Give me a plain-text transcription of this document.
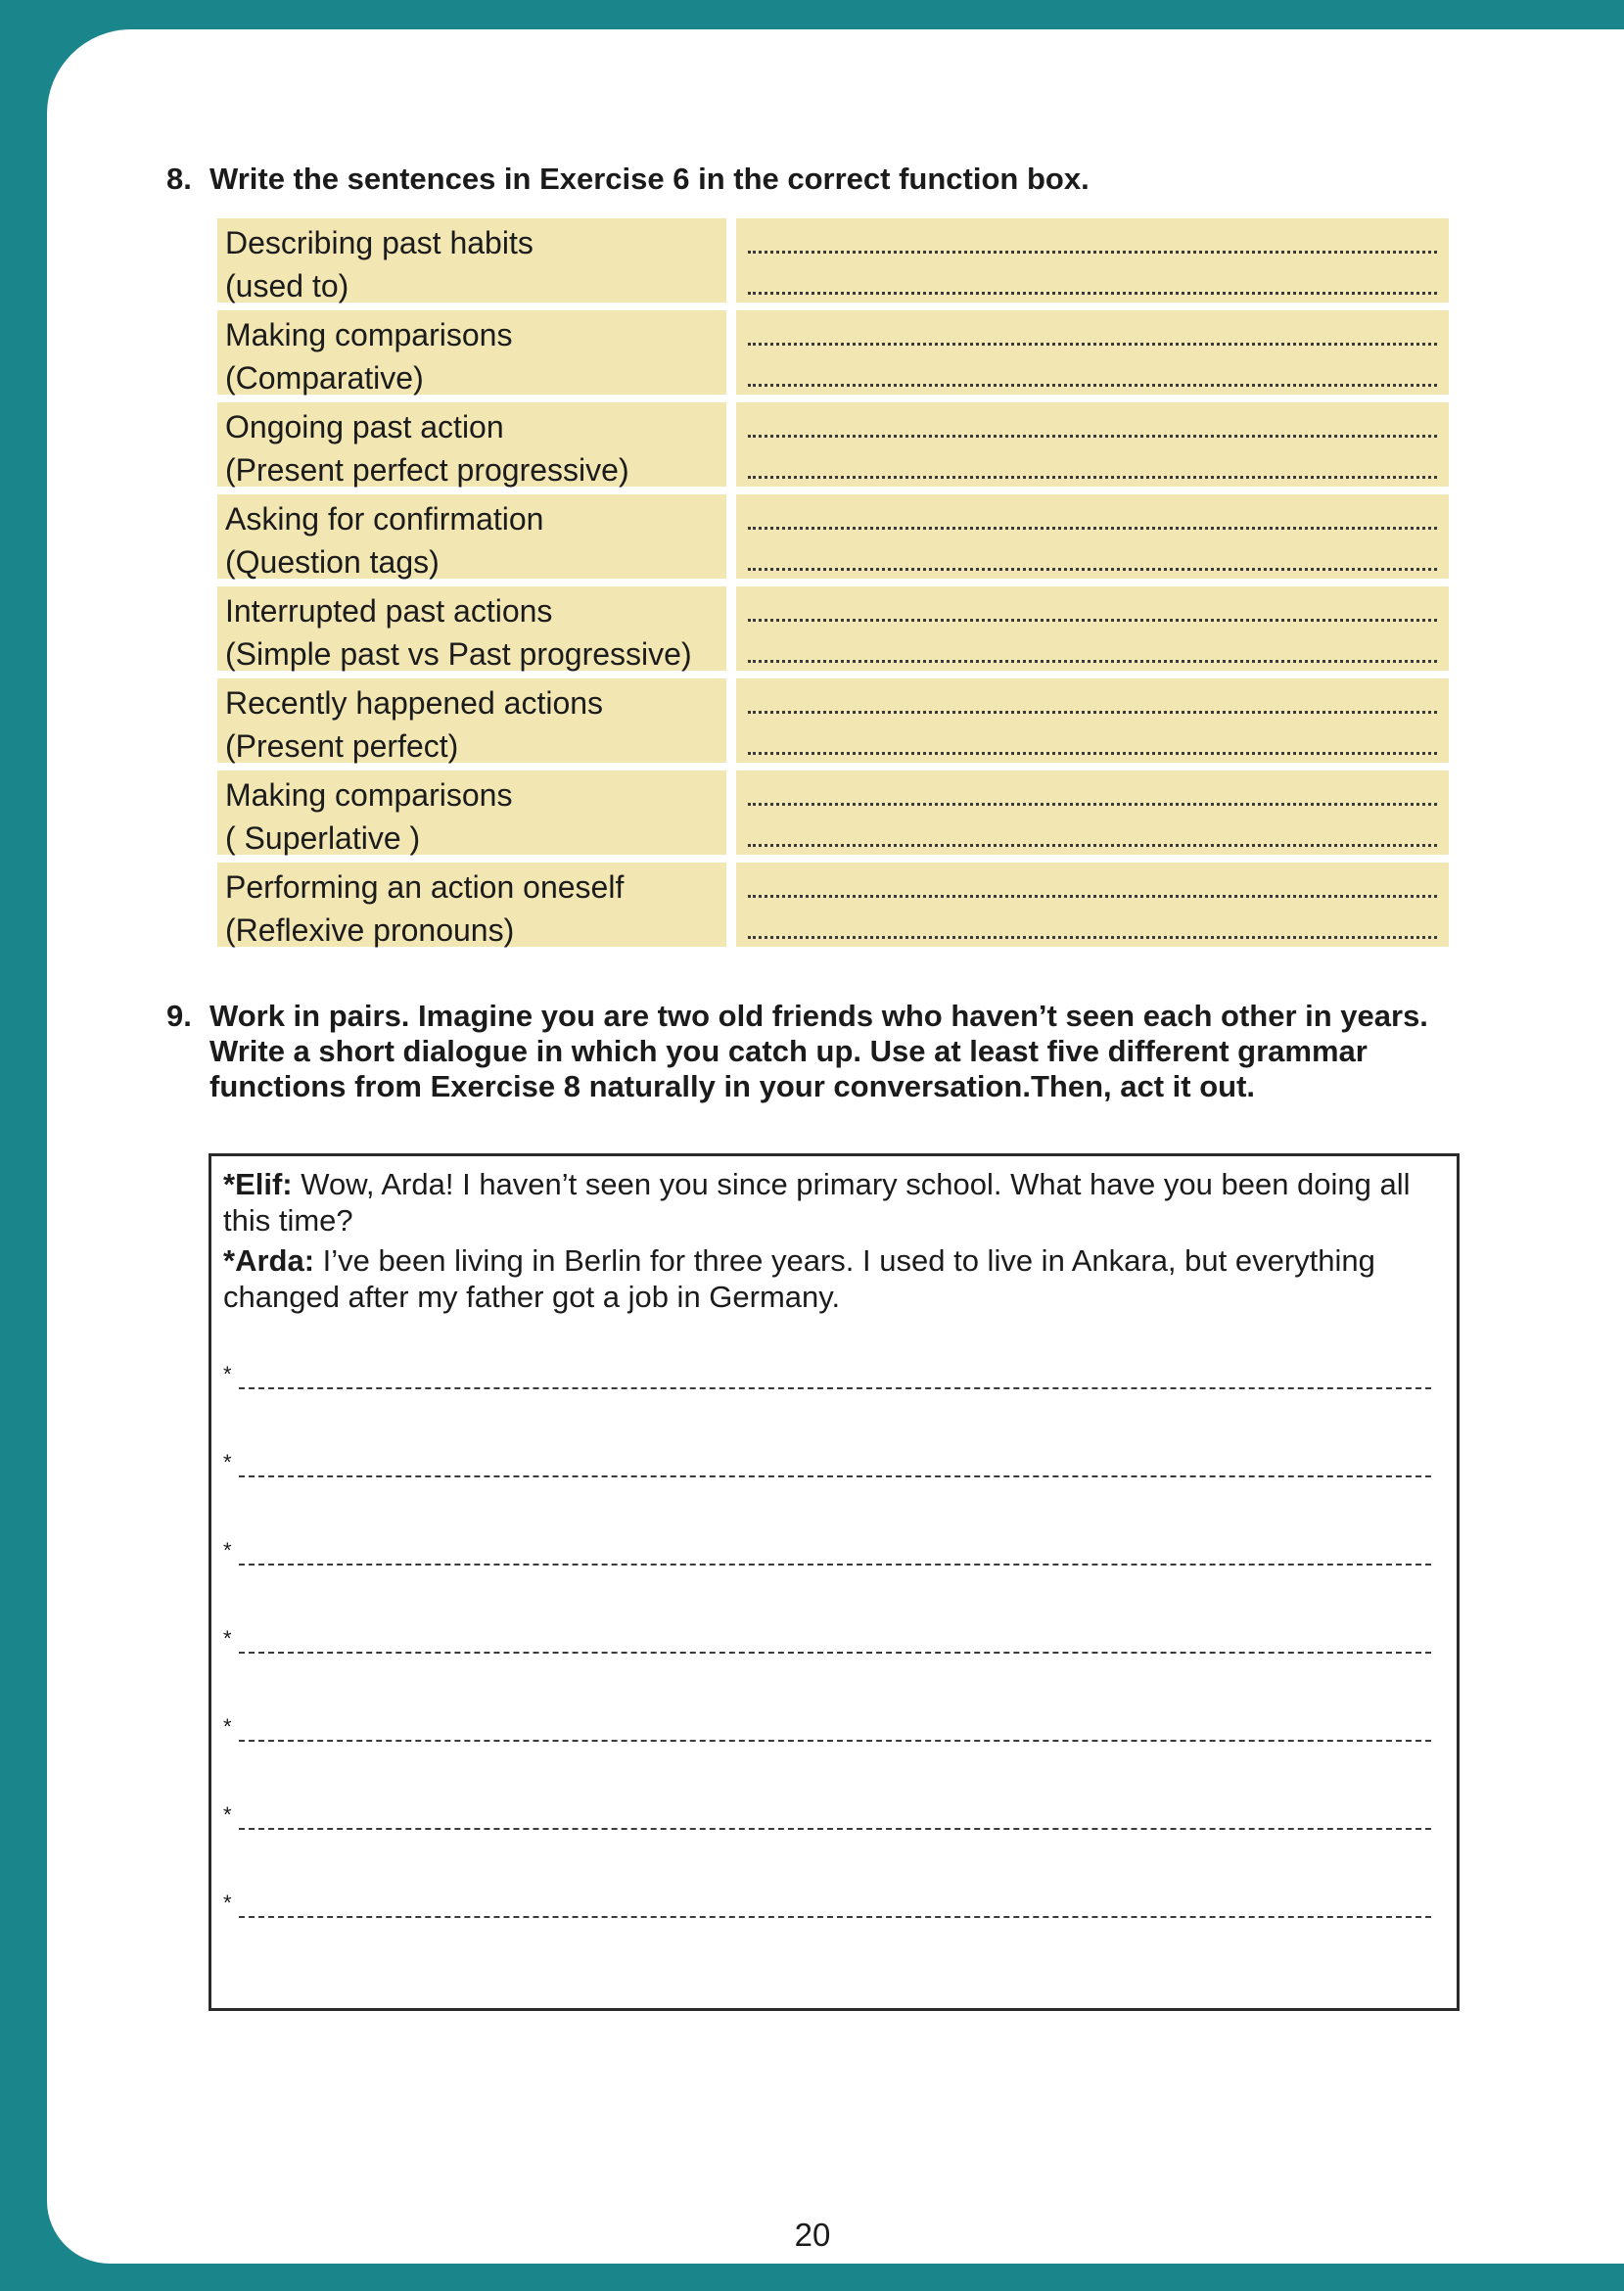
8. Write the sentences in Exercise 6 in the correct function box.
Describing past habits
(used to)
Making comparisons
(Comparative)
Ongoing past action
(Present perfect progressive)
Asking for confirmation
(Question tags)
Interrupted past actions
(Simple past vs Past progressive)
Recently happened actions
(Present perfect)
Making comparisons
( Superlative )
Performing an action oneself
(Reflexive pronouns)
9. Work in pairs. Imagine you are two old friends who haven’t seen each other in years. Write a short dialogue in which you catch up. Use at least five different grammar functions from Exercise 8 naturally in your conversation.Then, act it out.
*Elif: Wow, Arda! I haven’t seen you since primary school. What have you been doing all this time?
*Arda: I’ve been living in Berlin for three years. I used to live in Ankara, but everything changed after my father got a job in Germany.
*
*
*
*
*
*
*
20
